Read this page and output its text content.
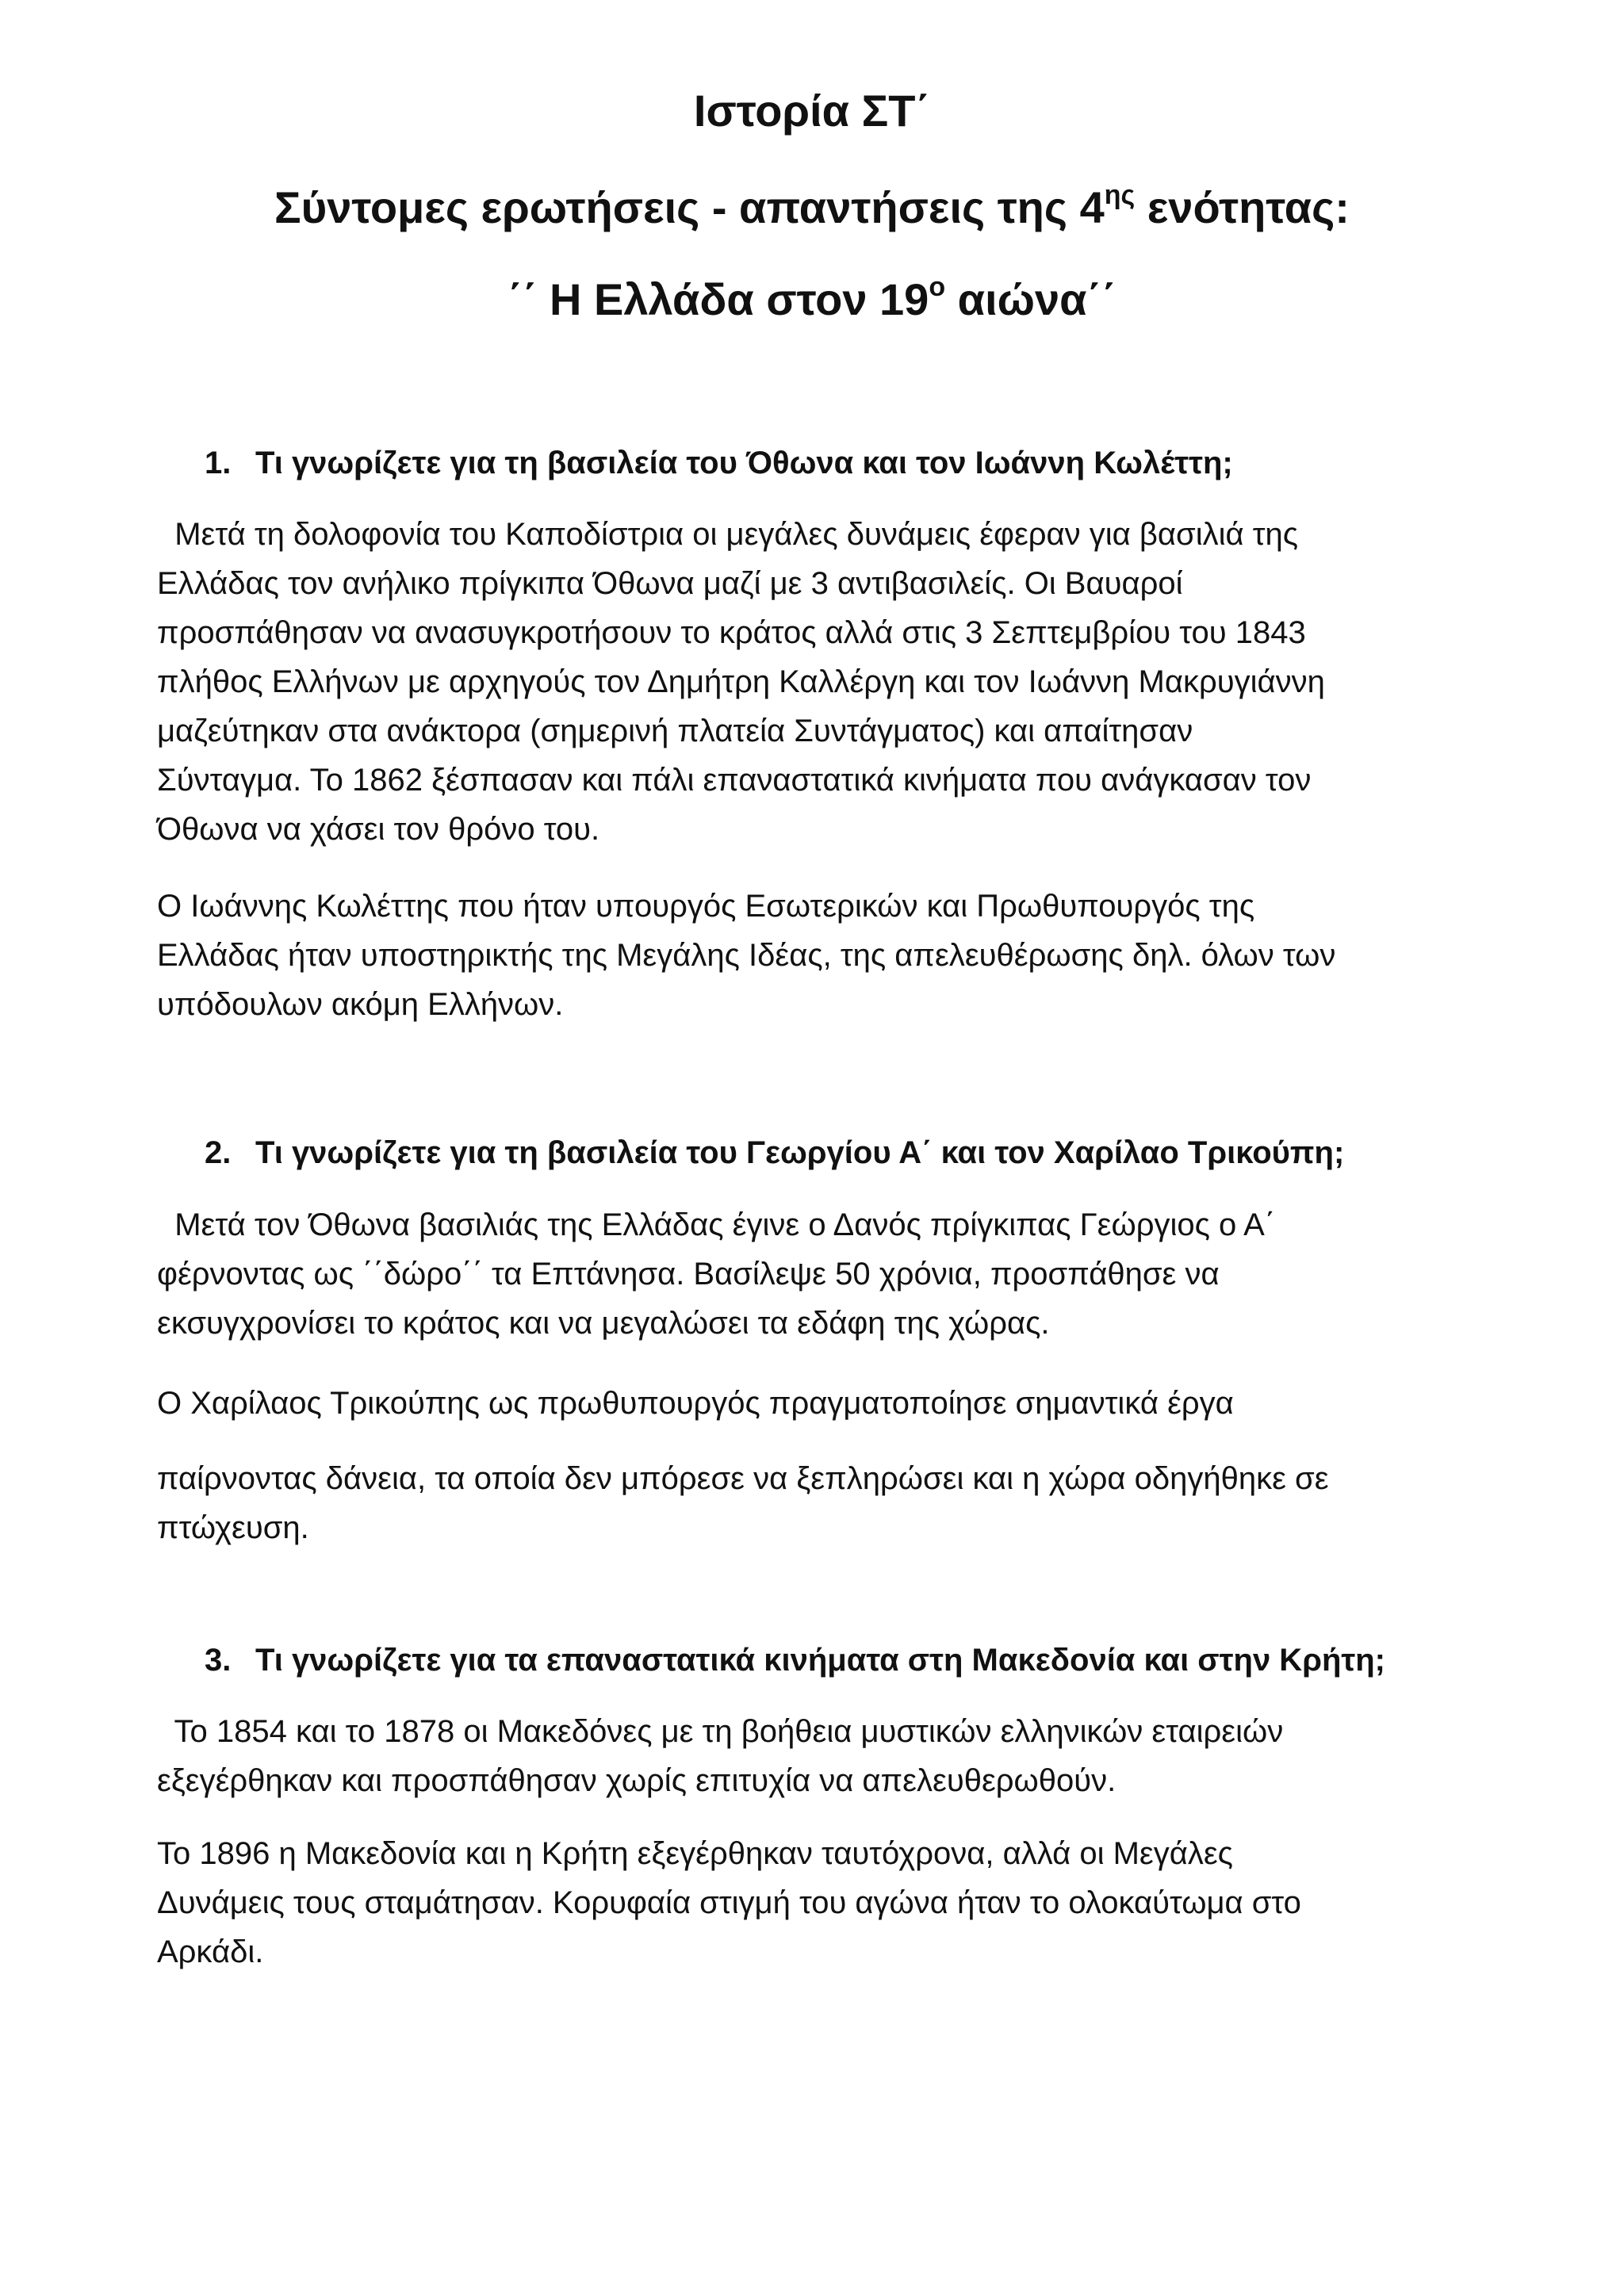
Ιστορία ΣΤ΄
Σύντομες ερωτήσεις - απαντήσεις της $4^{\eta\varsigma}$ ενότητας:
΄΄ Η Ελλάδα στον $19^o$ αιώνα΄΄
1. Τι γνωρίζετε για τη βασιλεία του Όθωνα και τον Ιωάννη Κωλέττη;
Μετά τη δολοφονία του Καποδίστρια οι μεγάλες δυνάμεις έφεραν για βασιλιά της
Ελλάδας τον ανήλικο πρίγκιπα Όθωνα μαζί με 3 αντιβασιλείς. Οι Βαυαροί
προσπάθησαν να ανασυγκροτήσουν το κράτος αλλά στις 3 Σεπτεμβρίου του 1843
πλήθος Ελλήνων με αρχηγούς τον Δημήτρη Καλλέργη και τον Ιωάννη Μακρυγιάννη
μαζεύτηκαν στα ανάκτορα (σημερινή πλατεία Συντάγματος) και απαίτησαν
Σύνταγμα. Το 1862 ξέσπασαν και πάλι επαναστατικά κινήματα που ανάγκασαν τον
Όθωνα να χάσει τον θρόνο του.
Ο Ιωάννης Κωλέττης που ήταν υπουργός Εσωτερικών και Πρωθυπουργός της
Ελλάδας ήταν υποστηρικτής της Μεγάλης Ιδέας, της απελευθέρωσης δηλ. όλων των
υπόδουλων ακόμη Ελλήνων.
2. Τι γνωρίζετε για τη βασιλεία του Γεωργίου Α΄ και τον Χαρίλαο Τρικούπη;
Μετά τον Όθωνα βασιλιάς της Ελλάδας έγινε ο Δανός πρίγκιπας Γεώργιος ο Α΄
φέρνοντας ως ΄΄δώρο΄΄ τα Επτάνησα. Βασίλεψε 50 χρόνια, προσπάθησε να
εκσυγχρονίσει το κράτος και να μεγαλώσει τα εδάφη της χώρας.
Ο Χαρίλαος Τρικούπης ως πρωθυπουργός πραγματοποίησε σημαντικά έργα
παίρνοντας δάνεια, τα οποία δεν μπόρεσε να ξεπληρώσει και η χώρα οδηγήθηκε σε
πτώχευση.
3. Τι γνωρίζετε για τα επαναστατικά κινήματα στη Μακεδονία και στην Κρήτη;
Το 1854 και το 1878 οι Μακεδόνες με τη βοήθεια μυστικών ελληνικών εταιρειών
εξεγέρθηκαν και προσπάθησαν χωρίς επιτυχία να απελευθερωθούν.
Το 1896 η Μακεδονία και η Κρήτη εξεγέρθηκαν ταυτόχρονα, αλλά οι Μεγάλες
Δυνάμεις τους σταμάτησαν. Κορυφαία στιγμή του αγώνα ήταν το ολοκαύτωμα στο
Αρκάδι.
